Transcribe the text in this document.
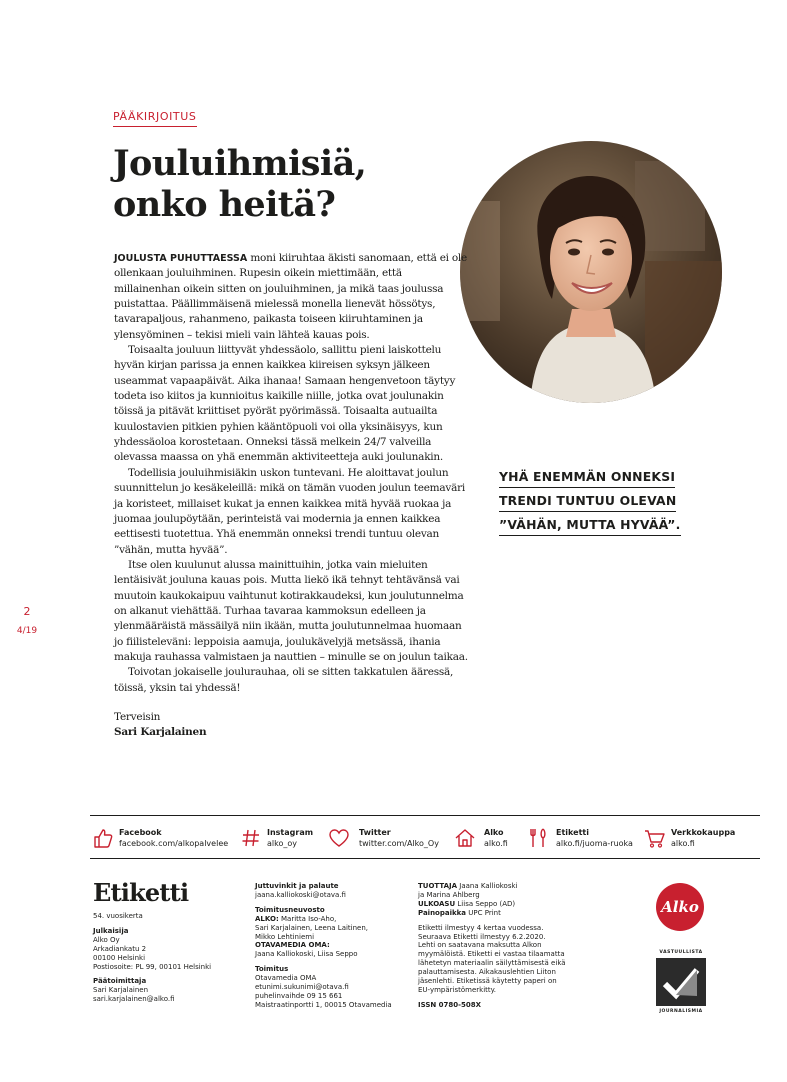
PÄÄKIRJOITUS
Jouluihmisiä,
onko heitä?

JOULUSTA PUHUTTAESSA moni kiiruhtaa äkisti sanomaan, että ei ole ollenkaan jouluihminen. Rupesin oikein miettimään, että millainenhan oikein sitten on jouluihminen, ja mikä taas joulussa puistattaa. Päällimmäisenä mielessä monella lienevät hössötys, tavarapaljous, rahanmeno, paikasta toiseen kiiruhtaminen ja ylensyöminen – tekisi mieli vain lähteä kauas pois.

Toisaalta jouluun liittyvät yhdessäolo, sallittu pieni laiskottelu hyvän kirjan parissa ja ennen kaikkea kiireisen syksyn jälkeen useammat vapaapäivät. Aika ihanaa! Samaan hengenvetoon täytyy todeta iso kiitos ja kunnioitus kaikille niille, jotka ovat joulunakin töissä ja pitävät kriittiset pyörät pyörimässä. Toisaalta autuailta kuulostavien pitkien pyhien kääntöpuoli voi olla yksinäisyys, kun yhdessäoloa korostetaan. Onneksi tässä melkein 24/7 valveilla olevassa maassa on yhä enemmän aktiviteetteja auki joulunakin.

Todellisia jouluihmisiäkin uskon tuntevani. He aloittavat joulun suunnittelun jo kesäkeleillä: mikä on tämän vuoden joulun teemaväri ja koristeet, millaiset kukat ja ennen kaikkea mitä hyvää ruokaa ja juomaa joulupöytään, perinteistä vai modernia ja ennen kaikkea eettisesti tuotettua. Yhä enemmän onneksi trendi tuntuu olevan ”vähän, mutta hyvää”.

Itse olen kuulunut alussa mainittuihin, jotka vain mieluiten lentäisivät jouluna kauas pois. Mutta liekö ikä tehnyt tehtävänsä vai muutoin kaukokaipuu vaihtunut kotirakkaudeksi, kun joulutunnelma on alkanut viehättää. Turhaa tavaraa kammoksun edelleen ja ylenmääräistä mässäilyä niin ikään, mutta joulutunnelmaa huomaan jo fiilisteleväni: leppoisia aamuja, joulukävelyjä metsässä, ihania makuja rauhassa valmistaen ja nauttien – minulle se on joulun taikaa.

Toivotan jokaiselle joulurauhaa, oli se sitten takkatulen ääressä, töissä, yksin tai yhdessä!

Terveisin
Sari Karjalainen
YHÄ ENEMMÄN ONNEKSI
TRENDI TUNTUU OLEVAN
”VÄHÄN, MUTTA HYVÄÄ”.
2
4/19
Facebook
facebook.com/alkopalvelee
Instagram
alko_oy
Twitter
twitter.com/Alko_Oy
Alko
alko.fi
Etiketti
alko.fi/juoma-ruoka
Verkkokauppa
alko.fi
Etiketti
54. vuosikerta
Julkaisija
Alko Oy
Arkadiankatu 2
00100 Helsinki
Postiosoite: PL 99, 00101 Helsinki
Päätoimittaja
Sari Karjalainen
sari.karjalainen@alko.fi
Juttuvinkit ja palaute
jaana.kalliokoski@otava.fi
Toimitusneuvosto
ALKO: Maritta Iso-Aho,
Sari Karjalainen, Leena Laitinen,
Mikko Lehtiniemi
OTAVAMEDIA OMA:
Jaana Kalliokoski, Liisa Seppo
Toimitus
Otavamedia OMA
etunimi.sukunimi@otava.fi
puhelinvaihde 09 15 661
Maistraatinportti 1, 00015 Otavamedia
TUOTTAJA Jaana Kalliokoski
ja Marina Ahlberg
ULKOASU Liisa Seppo (AD)
Painopaikka UPC Print
Etiketti ilmestyy 4 kertaa vuodessa.
Seuraava Etiketti ilmestyy 6.2.2020.
Lehti on saatavana maksutta Alkon
myymälöistä. Etiketti ei vastaa tilaamatta
lähetetyn materiaalin säilyttämisestä eikä
palauttamisesta. Aikakauslehtien Liiton
jäsenlehti. Etiketissä käytetty paperi on
EU-ympäristömerkitty.
ISSN 0780-508X
Alko
VASTUULLISTA
JOURNALISMIA
